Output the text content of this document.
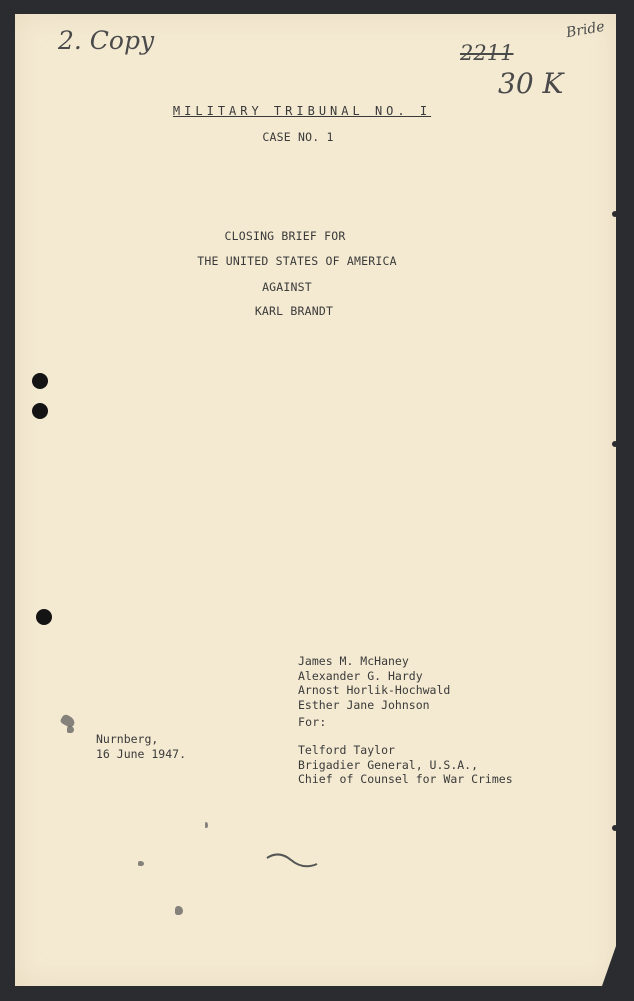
2. Copy	2211
30 K
Bride
MILITARY TRIBUNAL NO. I
CASE NO. 1
CLOSING BRIEF FOR
THE UNITED STATES OF AMERICA
AGAINST
KARL BRANDT
James M. McHaney
Alexander G. Hardy
Arnost Horlik-Hochwald
Esther Jane Johnson
For:
Telford Taylor
Brigadier General, U.S.A.,
Chief of Counsel for War Crimes
Nurnberg,
16 June 1947.
